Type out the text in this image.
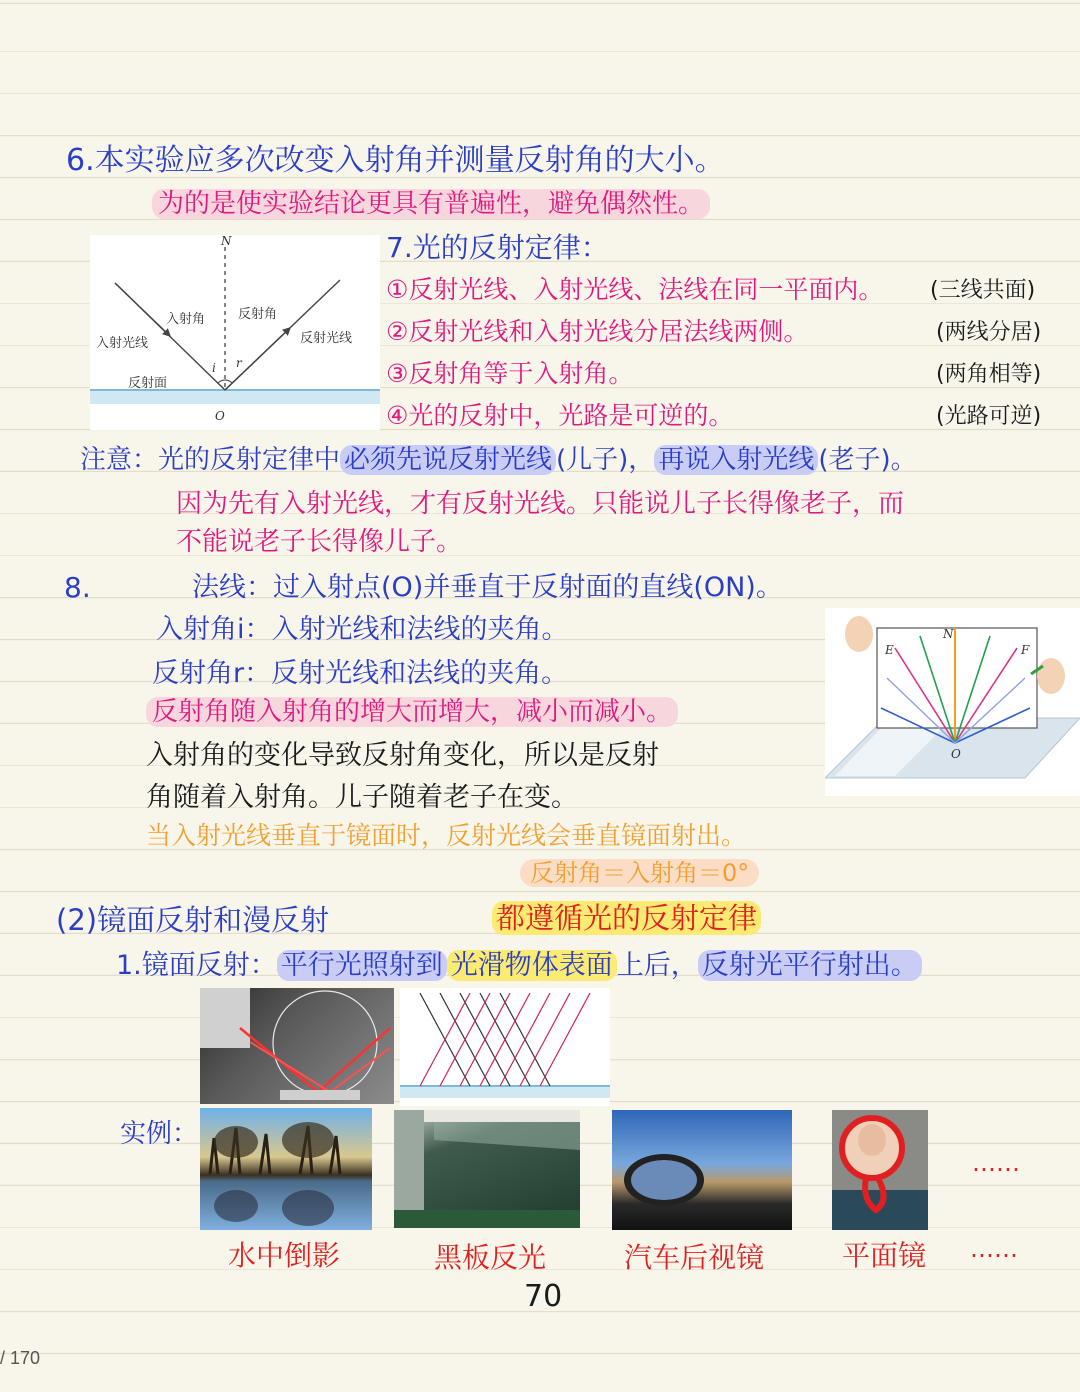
6.本实验应多次改变入射角并测量反射角的大小。
为的是使实验结论更具有普遍性，避免偶然性。
N
入射角	反射角
入射光线	反射光线
反射面
i r
O
7.光的反射定律：
①反射光线、入射光线、法线在同一平面内。 (三线共面)
②反射光线和入射光线分居法线两侧。	(两线分居)
③反射角等于入射角。	(两角相等)
④光的反射中，光路是可逆的。	(光路可逆)
注意：光的反射定律中 必须先说反射光线 (儿子)， 再说入射光线 (老子)。
因为先有入射光线，才有反射光线。只能说儿子长得像老子，而
不能说老子长得像儿子。
8.	法线：过入射点(O)并垂直于反射面的直线(ON)。
入射角i：入射光线和法线的夹角。
反射角r：反射光线和法线的夹角。
反射角随入射角的增大而增大，减小而减小。
入射角的变化导致反射角变化，所以是反射
角随着入射角。儿子随着老子在变。
当入射光线垂直于镜面时，反射光线会垂直镜面射出。
反射角＝入射角＝0°
E	F
N
O
(2)镜面反射和漫反射	都遵循光的反射定律
1.镜面反射： 平行光照射到 光滑物体表面 上后， 反射光平行射出。
实例：
……
水中倒影	黑板反光	汽车后视镜	平面镜 ……
70
/ 170
